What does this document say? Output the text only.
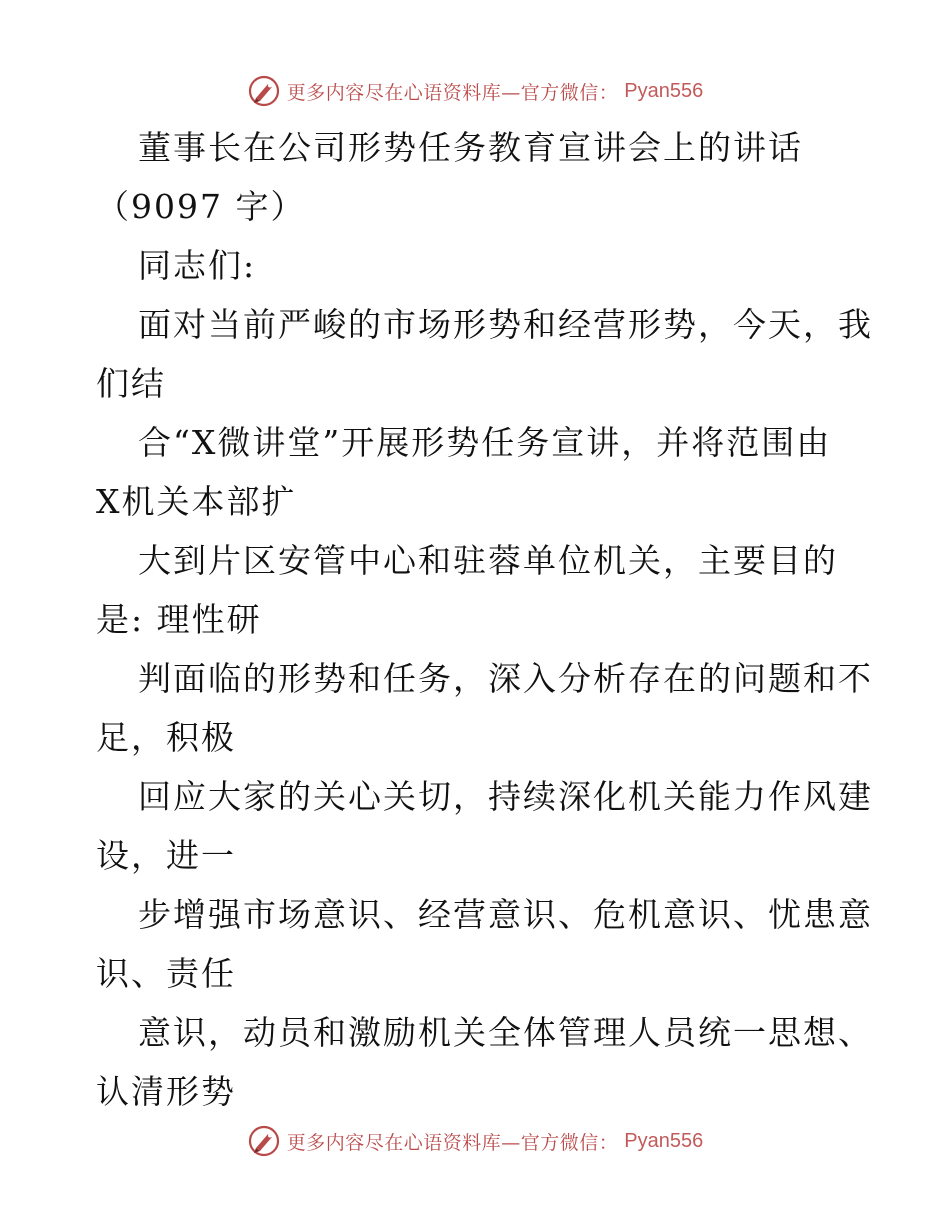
更多内容尽在心语资料库—官方微信： Pyan556
董事长在公司形势任务教育宣讲会上的讲话
（9097 字）
同志们:
面对当前严峻的市场形势和经营形势，今天，我
们结
合“X微讲堂”开展形势任务宣讲，并将范围由
X机关本部扩
大到片区安管中心和驻蓉单位机关，主要目的
是: 理性研
判面临的形势和任务，深入分析存在的问题和不
足，积极
回应大家的关心关切，持续深化机关能力作风建
设，进一
步增强市场意识、经营意识、危机意识、忧患意
识、责任
意识，动员和激励机关全体管理人员统一思想、
认清形势
更多内容尽在心语资料库—官方微信： Pyan556
